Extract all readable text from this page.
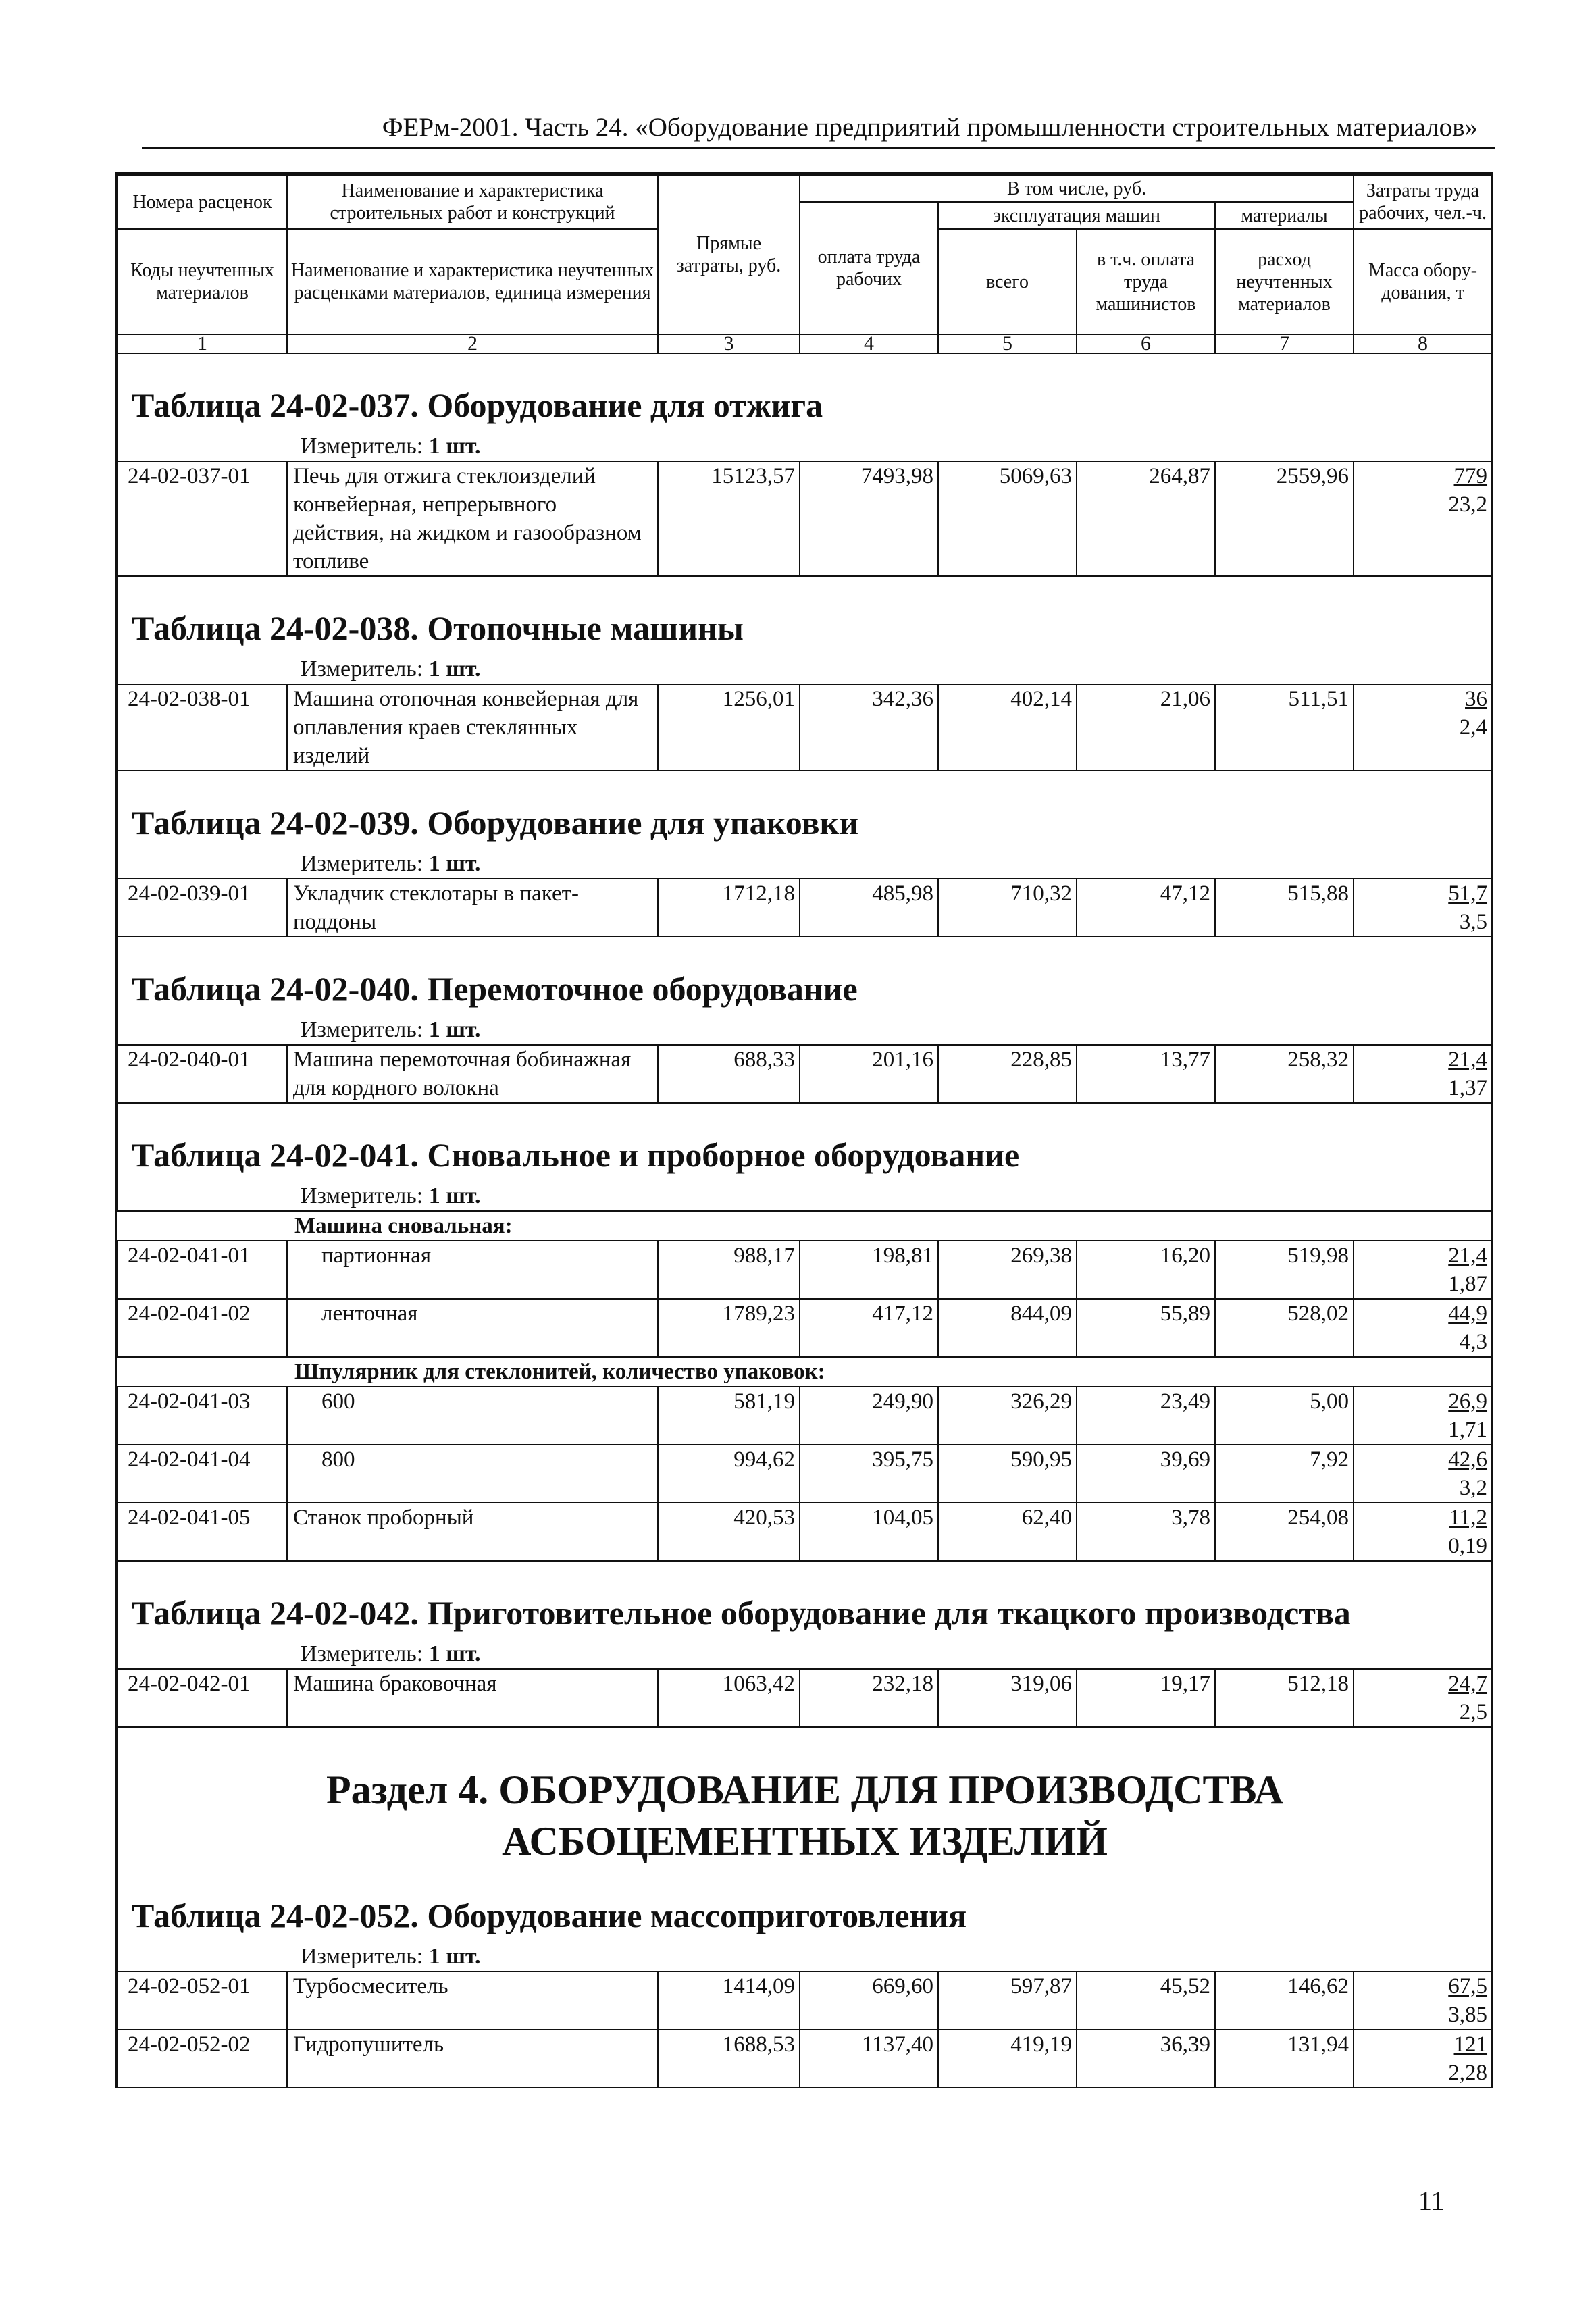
ФЕРм-2001. Часть 24. «Оборудование предприятий промышленности строительных материалов»
Номера расценок	Наименование и характеристика строительных работ и конструкций	Прямые затраты, руб.	В том числе, руб.				Затраты труда рабочих, чел.-ч.
			оплата труда рабочих	эксплуатация машин		материалы	
Коды неучтенных материалов	Наименование и характеристика неучтенных расценками материалов, единица измерения			всего	в т.ч. оплата труда машинистов	расход неучтенных материалов	
							Масса обору-дования, т
1	2	3	4	5	6	7	8

Таблица 24-02-037. Оборудование для отжига
Измеритель: 1 шт.							

24-02-037-01	Печь для отжига стеклоизделий конвейерная, непрерывного действия, на жидком и газообразном топливе	15123,57	7493,98	5069,63	264,87	2559,96	779
23,2

Таблица 24-02-038. Отопочные машины
Измеритель: 1 шт.							

24-02-038-01	Машина отопочная конвейерная для оплавления краев стеклянных изделий	1256,01	342,36	402,14	21,06	511,51	36
2,4

Таблица 24-02-039. Оборудование для упаковки
Измеритель: 1 шт.							

24-02-039-01	Укладчик стеклотары в пакет-поддоны	1712,18	485,98	710,32	47,12	515,88	51,7
3,5

Таблица 24-02-040. Перемоточное оборудование
Измеритель: 1 шт.							

24-02-040-01	Машина перемоточная бобинажная для кордного волокна	688,33	201,16	228,85	13,77	258,32	21,4
1,37

Таблица 24-02-041. Сновальное и проборное оборудование
Измеритель: 1 шт.							

Машина сновальная:							
24-02-041-01	партионная	988,17	198,81	269,38	16,20	519,98	21,4
1,87

24-02-041-02	ленточная	1789,23	417,12	844,09	55,89	528,02	44,9
4,3

Шпулярник для стеклонитей, количество упаковок:							
24-02-041-03	600	581,19	249,90	326,29	23,49	5,00	26,9
1,71

24-02-041-04	800	994,62	395,75	590,95	39,69	7,92	42,6
3,2

24-02-041-05	Станок проборный	420,53	104,05	62,40	3,78	254,08	11,2
0,19

Таблица 24-02-042. Приготовительное оборудование для ткацкого производства
Измеритель: 1 шт.							

24-02-042-01	Машина браковочная	1063,42	232,18	319,06	19,17	512,18	24,7
2,5

Раздел 4. ОБОРУДОВАНИЕ ДЛЯ ПРОИЗВОДСТВА АСБОЦЕМЕНТНЫХ ИЗДЕЛИЙ
Таблица 24-02-052. Оборудование массоприготовления
Измеритель: 1 шт.							

24-02-052-01	Турбосмеситель	1414,09	669,60	597,87	45,52	146,62	67,5
3,85

24-02-052-02	Гидропушитель	1688,53	1137,40	419,19	36,39	131,94	121
2,28
11
